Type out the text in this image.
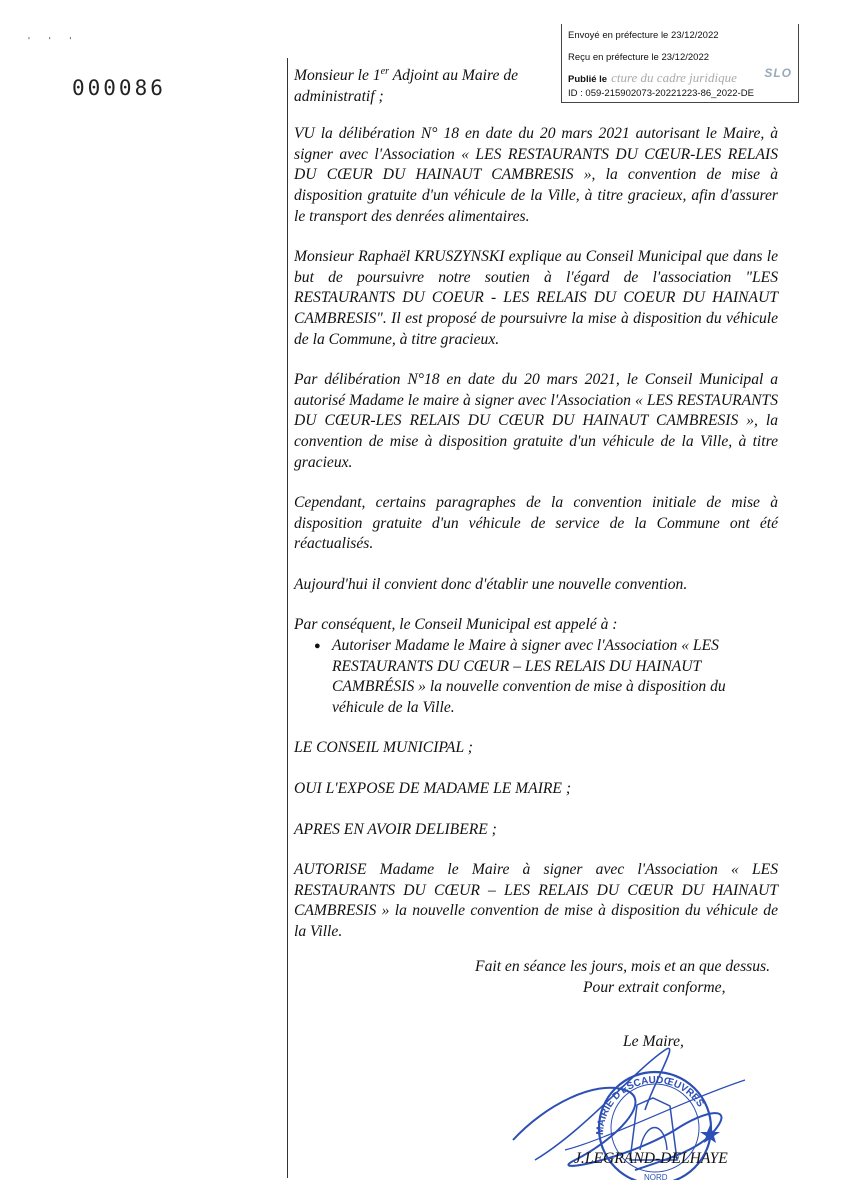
' ' '
000086
Envoyé en préfecture le 23/12/2022
Reçu en préfecture le 23/12/2022
Publié le cture du cadre juridique SLO
ID : 059-215902073-20221223-86_2022-DE

Monsieur le 1er Adjoint au Maire de
administratif ;

VU la délibération N° 18 en date du 20 mars 2021 autorisant le Maire, à signer avec l'Association « LES RESTAURANTS DU CŒUR-LES RELAIS DU CŒUR DU HAINAUT CAMBRESIS », la convention de mise à disposition gratuite d'un véhicule de la Ville, à titre gracieux, afin d'assurer le transport des denrées alimentaires.

Monsieur Raphaël KRUSZYNSKI explique au Conseil Municipal que dans le but de poursuivre notre soutien à l'égard de l'association "LES RESTAURANTS DU COEUR - LES RELAIS DU COEUR DU HAINAUT CAMBRESIS". Il est proposé de poursuivre la mise à disposition du véhicule de la Commune, à titre gracieux.

Par délibération N°18 en date du 20 mars 2021, le Conseil Municipal a autorisé Madame le maire à signer avec l'Association « LES RESTAURANTS DU CŒUR-LES RELAIS DU CŒUR DU HAINAUT CAMBRESIS », la convention de mise à disposition gratuite d'un véhicule de la Ville, à titre gracieux.

Cependant, certains paragraphes de la convention initiale de mise à disposition gratuite d'un véhicule de service de la Commune ont été réactualisés.

Aujourd'hui il convient donc d'établir une nouvelle convention.

Par conséquent, le Conseil Municipal est appelé à :

● Autoriser Madame le Maire à signer avec l'Association « LES RESTAURANTS DU CŒUR – LES RELAIS DU HAINAUT CAMBRÉSIS » la nouvelle convention de mise à disposition du véhicule de la Ville.

LE CONSEIL MUNICIPAL ;

OUI L'EXPOSE DE MADAME LE MAIRE ;

APRES EN AVOIR DELIBERE ;

AUTORISE Madame le Maire à signer avec l'Association « LES RESTAURANTS DU CŒUR – LES RELAIS DU CŒUR DU HAINAUT CAMBRESIS » la nouvelle convention de mise à disposition du véhicule de la Ville.

Fait en séance les jours, mois et an que dessus.
Pour extrait conforme,
MAIRIE D'ESCAUDŒUVRES
NORD
Le Maire,
J.LEGRAND-DELHAYE
